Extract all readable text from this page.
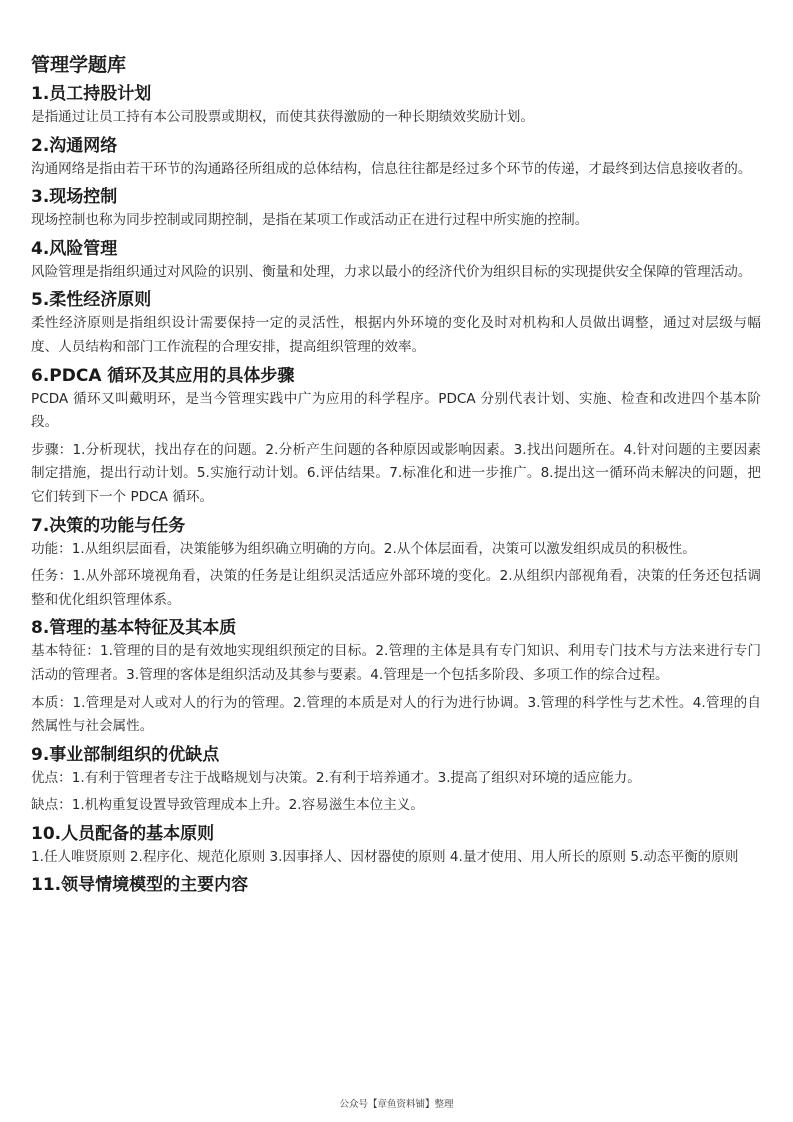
管理学题库
1.员工持股计划
是指通过让员工持有本公司股票或期权，而使其获得激励的一种长期绩效奖励计划。
2.沟通网络
沟通网络是指由若干环节的沟通路径所组成的总体结构，信息往往都是经过多个环节的传递，才最终到达信息接收者的。
3.现场控制
现场控制也称为同步控制或同期控制，是指在某项工作或活动正在进行过程中所实施的控制。
4.风险管理
风险管理是指组织通过对风险的识别、衡量和处理，力求以最小的经济代价为组织目标的实现提供安全保障的管理活动。
5.柔性经济原则
柔性经济原则是指组织设计需要保持一定的灵活性，根据内外环境的变化及时对机构和人员做出调整，通过对层级与幅度、人员结构和部门工作流程的合理安排，提高组织管理的效率。
6.PDCA 循环及其应用的具体步骤
PCDA 循环又叫戴明环，是当今管理实践中广为应用的科学程序。PDCA 分别代表计划、实施、检查和改进四个基本阶段。
步骤：1.分析现状，找出存在的问题。2.分析产生问题的各种原因或影响因素。3.找出问题所在。4.针对问题的主要因素制定措施，提出行动计划。5.实施行动计划。6.评估结果。7.标准化和进一步推广。8.提出这一循环尚未解决的问题，把它们转到下一个 PDCA 循环。
7.决策的功能与任务
功能：1.从组织层面看，决策能够为组织确立明确的方向。2.从个体层面看，决策可以激发组织成员的积极性。
任务：1.从外部环境视角看，决策的任务是让组织灵活适应外部环境的变化。2.从组织内部视角看，决策的任务还包括调整和优化组织管理体系。
8.管理的基本特征及其本质
基本特征：1.管理的目的是有效地实现组织预定的目标。2.管理的主体是具有专门知识、利用专门技术与方法来进行专门活动的管理者。3.管理的客体是组织活动及其参与要素。4.管理是一个包括多阶段、多项工作的综合过程。
本质：1.管理是对人或对人的行为的管理。2.管理的本质是对人的行为进行协调。3.管理的科学性与艺术性。4.管理的自然属性与社会属性。
9.事业部制组织的优缺点
优点：1.有利于管理者专注于战略规划与决策。2.有利于培养通才。3.提高了组织对环境的适应能力。
缺点：1.机构重复设置导致管理成本上升。2.容易滋生本位主义。
10.人员配备的基本原则
1.任人唯贤原则 2.程序化、规范化原则 3.因事择人、因材器使的原则 4.量才使用、用人所长的原则 5.动态平衡的原则
11.领导情境模型的主要内容
公众号【章鱼资料铺】整理
